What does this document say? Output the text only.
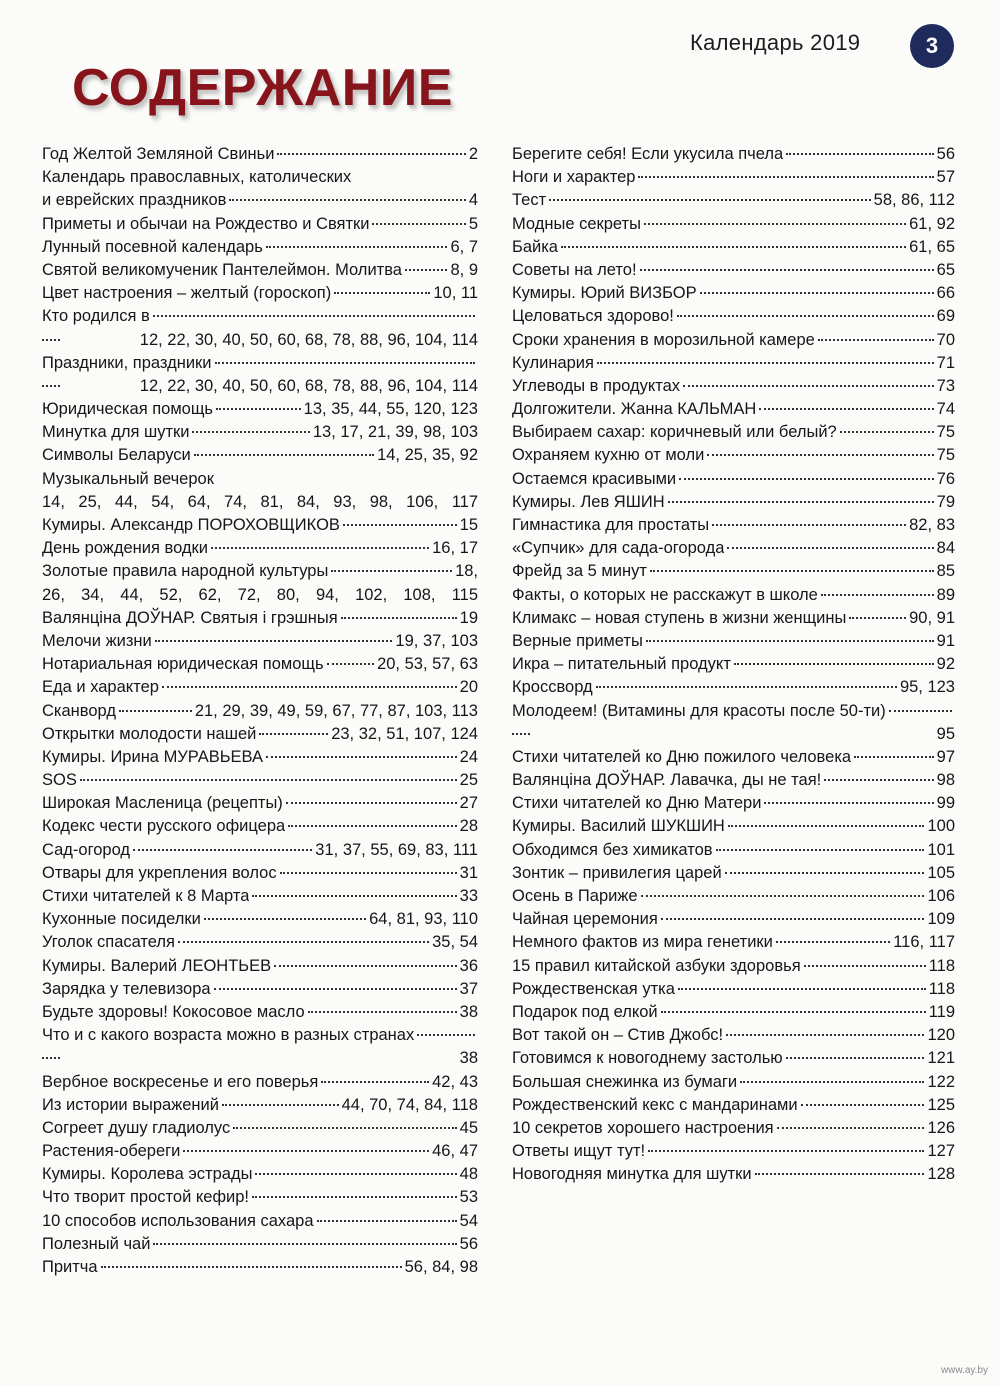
Календарь 2019	3
СОДЕРЖАНИЕ
Год Желтой Земляной Свиньи	2
Календарь православных, католических
и еврейских праздников	4
Приметы и обычаи на Рождество и Святки	5
Лунный посевной календарь	6, 7
Святой великомученик Пантелеймон. Молитва	8, 9
Цвет настроения – желтый (гороскоп)	10, 11
Кто родился в
12, 22, 30, 40, 50, 60, 68, 78, 88, 96, 104, 114
Праздники, праздники
12, 22, 30, 40, 50, 60, 68, 78, 88, 96, 104, 114
Юридическая помощь	13, 35, 44, 55, 120, 123
Минутка для шутки	13, 17, 21, 39, 98, 103
Символы Беларуси	14, 25, 35, 92
Музыкальный вечерок
14, 25, 44, 54, 64, 74, 81, 84, 93, 98, 106, 117
Кумиры. Александр ПОРОХОВЩИКОВ	15
День рождения водки	16, 17
Золотые правила народной культуры	18,
26, 34, 44, 52, 62, 72, 80, 94, 102, 108, 115
Валянціна ДОЎНАР. Святыя і грэшныя	19
Мелочи жизни	19, 37, 103
Нотариальная юридическая помощь	20, 53, 57, 63
Еда и характер	20
Сканворд	21, 29, 39, 49, 59, 67, 77, 87, 103, 113
Открытки молодости нашей	23, 32, 51, 107, 124
Кумиры. Ирина МУРАВЬЕВА	24
SOS	25
Широкая Масленица (рецепты)	27
Кодекс чести русского офицера	28
Сад-огород	31, 37, 55, 69, 83, 111
Отвары для укрепления волос	31
Стихи читателей к 8 Марта	33
Кухонные посиделки	64, 81, 93, 110
Уголок спасателя	35, 54
Кумиры. Валерий ЛЕОНТЬЕВ	36
Зарядка у телевизора	37
Будьте здоровы! Кокосовое масло	38
Что и с какого возраста можно в разных странах
38
Вербное воскресенье и его поверья	42, 43
Из истории выражений	44, 70, 74, 84, 118
Согреет душу гладиолус	45
Растения-обереги	46, 47
Кумиры. Королева эстрады	48
Что творит простой кефир!	53
10 способов использования сахара	54
Полезный чай	56
Притча	56, 84, 98
Берегите себя! Если укусила пчела	56
Ноги и характер	57
Тест	58, 86, 112
Модные секреты	61, 92
Байка	61, 65
Советы на лето!	65
Кумиры. Юрий ВИЗБОР	66
Целоваться здорово!	69
Сроки хранения в морозильной камере	70
Кулинария	71
Углеводы в продуктах	73
Долгожители. Жанна КАЛЬМАН	74
Выбираем сахар: коричневый или белый?	75
Охраняем кухню от моли	75
Остаемся красивыми	76
Кумиры. Лев ЯШИН	79
Гимнастика для простаты	82, 83
«Супчик» для сада-огорода	84
Фрейд за 5 минут	85
Факты, о которых не расскажут в школе	89
Климакс – новая ступень в жизни женщины	90, 91
Верные приметы	91
Икра – питательный продукт	92
Кроссворд	95, 123
Молодеем! (Витамины для красоты после 50-ти)
95
Стихи читателей ко Дню пожилого человека	97
Валянціна ДОЎНАР. Лавачка, ды не тая!	98
Стихи читателей ко Дню Матери	99
Кумиры. Василий ШУКШИН	100
Обходимся без химикатов	101
Зонтик – привилегия царей	105
Осень в Париже	106
Чайная церемония	109
Немного фактов из мира генетики	116, 117
15 правил китайской азбуки здоровья	118
Рождественская утка	118
Подарок под елкой	119
Вот такой он – Стив Джобс!	120
Готовимся к новогоднему застолью	121
Большая снежинка из бумаги	122
Рождественский кекс с мандаринами	125
10 секретов хорошего настроения	126
Ответы ищут тут!	127
Новогодняя минутка для шутки	128
www.ay.by
